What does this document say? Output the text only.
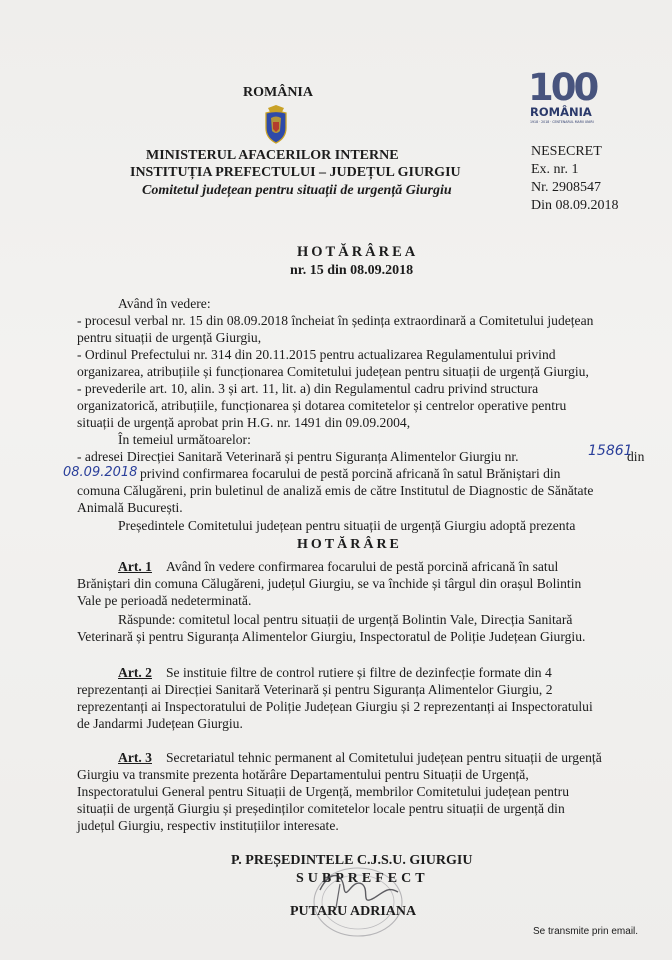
ROMÂNIA
MINISTERUL AFACERILOR INTERNE
INSTITUȚIA PREFECTULUI – JUDEȚUL GIURGIU
Comitetul județean pentru situații de urgență Giurgiu
100
ROMÂNIA
1918 · 2018 · CENTENARUL MARII UNIRI
NESECRET
Ex. nr. 1
Nr. 2908547
Din 08.09.2018
HOTĂRÂREA
nr. 15 din 08.09.2018
Având în vedere:
- procesul verbal nr. 15 din 08.09.2018 încheiat în ședința extraordinară a Comitetului județean
pentru situații de urgență Giurgiu,
- Ordinul Prefectului nr. 314 din 20.11.2015 pentru actualizarea Regulamentului privind
organizarea, atribuțiile și funcționarea Comitetului județean pentru situații de urgență Giurgiu,
- prevederile art. 10, alin. 3 și art. 11, lit. a) din Regulamentul cadru privind structura
organizatorică, atribuțiile, funcționarea și dotarea comitetelor și centrelor operative pentru
situații de urgență aprobat prin H.G. nr. 1491 din 09.09.2004,
În temeiul următoarelor:
- adresei Direcției Sanitară Veterinară și pentru Siguranța Alimentelor Giurgiu nr.	15861
din
08.09.2018 privind confirmarea focarului de pestă porcină africană în satul Brănіștari din
comuna Călugăreni, prin buletinul de analiză emis de către Institutul de Diagnostic de Sănătate
Animală București.
Președintele Comitetului județean pentru situații de urgență Giurgiu adoptă prezenta
HOTĂRÂRE
Art. 1 Având în vedere confirmarea focarului de pestă porcină africană în satul
Brănіștari din comuna Călugăreni, județul Giurgiu, se va închide și târgul din orașul Bolintin
Vale pe perioadă nedeterminată.
Răspunde: comitetul local pentru situații de urgență Bolintin Vale, Direcția Sanitară
Veterinară și pentru Siguranța Alimentelor Giurgiu, Inspectoratul de Poliție Județean Giurgiu.
Art. 2 Se instituie filtre de control rutiere și filtre de dezinfecție formate din 4
reprezentanți ai Direcției Sanitară Veterinară și pentru Siguranța Alimentelor Giurgiu, 2
reprezentanți ai Inspectoratului de Poliție Județean Giurgiu și 2 reprezentanți ai Inspectoratului
de Jandarmi Județean Giurgiu.
Art. 3 Secretariatul tehnic permanent al Comitetului județean pentru situații de urgență
Giurgiu va transmite prezenta hotărâre Departamentului pentru Situații de Urgență,
Inspectoratului General pentru Situații de Urgență, membrilor Comitetului județean pentru
situații de urgență Giurgiu și președinților comitetelor locale pentru situații de urgență din
județul Giurgiu, respectiv instituțiilor interesate.
P. PREȘEDINTELE C.J.S.U. GIURGIU
SUBPREFECT
PUTARU ADRIANA
Se transmite prin email.
